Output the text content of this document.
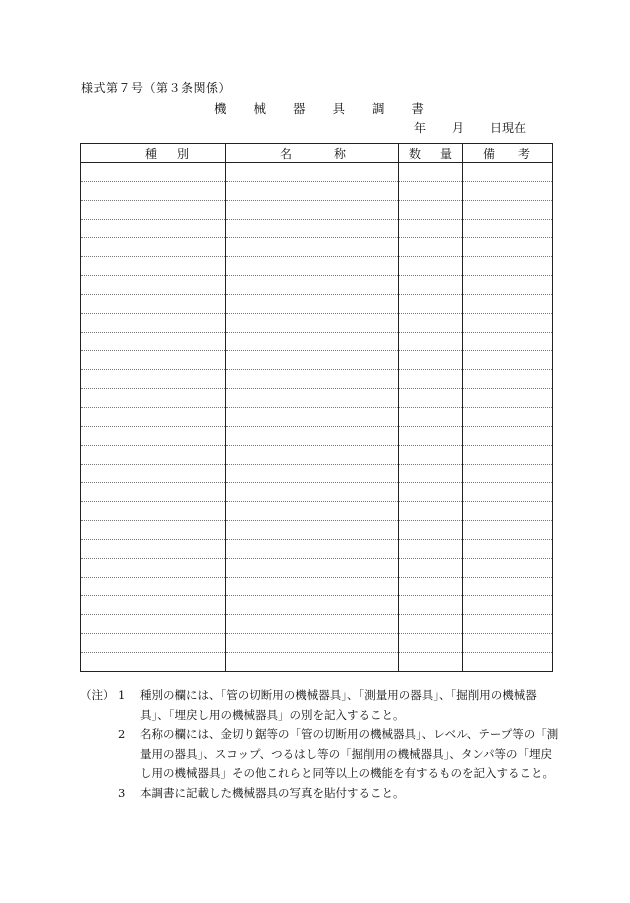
様式第７号（第３条関係）
機 械 器 具 調 書
年 月 日現在
種 別	名 称	数 量	備 考

（注） 1	種別の欄には、「管の切断用の機械器具」、「測量用の器具」、「掘削用の機械器具」、「埋戻し用の機械器具」の別を記入すること。
2	名称の欄には、金切り鋸等の「管の切断用の機械器具」、レベル、テープ等の「測量用の器具」、スコップ、つるはし等の「掘削用の機械器具」、タンパ等の「埋戻し用の機械器具」その他これらと同等以上の機能を有するものを記入すること。
3	本調書に記載した機械器具の写真を貼付すること。
